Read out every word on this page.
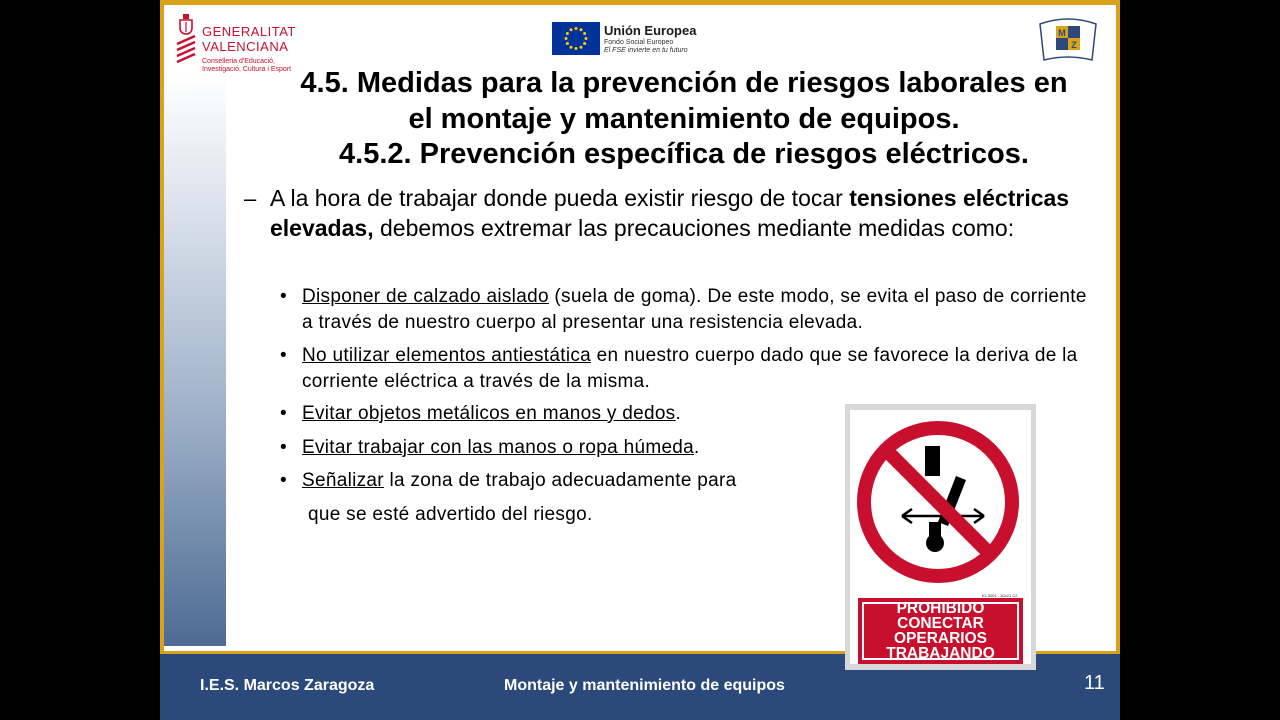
I.E.S. Marcos Zaragoza	Montaje y mantenimiento de equipos	11
GENERALITAT
VALENCIANA
Conselleria d'Educació,
Investigació, Cultura i Esport
Unión Europea
Fondo Social Europeo
El FSE invierte en tu futuro
M
Z
4.5. Medidas para la prevención de riesgos laborales en
el montaje y mantenimiento de equipos.
4.5.2. Prevención específica de riesgos eléctricos.
– A la hora de trabajar donde pueda existir riesgo de tocar tensiones eléctricas elevadas, debemos extremar las precauciones mediante medidas como:
• Disponer de calzado aislado (suela de goma). De este modo, se evita el paso de corriente a través de nuestro cuerpo al presentar una resistencia elevada.
• No utilizar elementos antiestática en nuestro cuerpo dado que se favorece la deriva de la corriente eléctrica a través de la misma.
• Evitar objetos metálicos en manos y dedos.
• Evitar trabajar con las manos o ropa húmeda.
• Señalizar la zona de trabajo adecuadamente para
que se esté advertido del riesgo.
EL 5001 - 30x21 C2
PROHIBIDO
CONECTAR
OPERARIOS
TRABAJANDO
